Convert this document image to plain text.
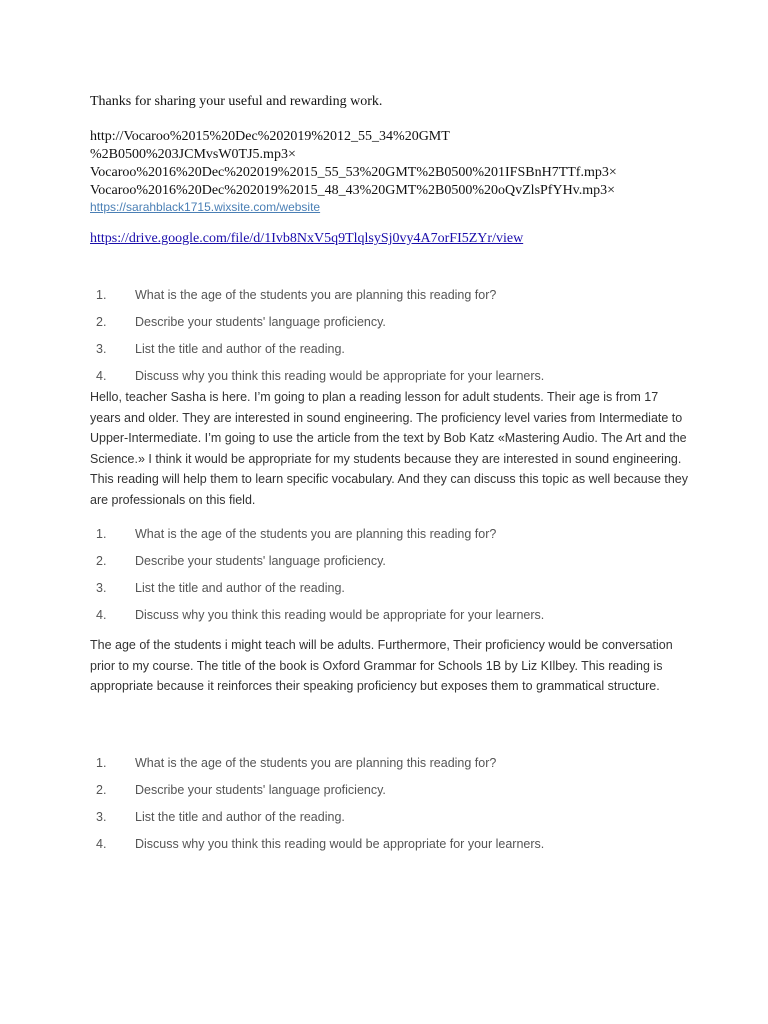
Thanks for sharing your useful and rewarding work.
http://Vocaroo%2015%20Dec%202019%2012_55_34%20GMT
%2B0500%203JCMvsW0TJ5.mp3×
Vocaroo%2016%20Dec%202019%2015_55_53%20GMT%2B0500%201IFSBnH7TTf.mp3×
Vocaroo%2016%20Dec%202019%2015_48_43%20GMT%2B0500%20oQvZlsPfYHv.mp3×
https://sarahblack1715.wixsite.com/website
https://drive.google.com/file/d/1Ivb8NxV5q9TlqlsySj0vy4A7orFI5ZYr/view
1.	What is the age of the students you are planning this reading for?
2.	Describe your students' language proficiency.
3.	List the title and author of the reading.
4.	Discuss why you think this reading would be appropriate for your learners.
Hello, teacher Sasha is here. I’m going to plan a reading lesson for adult students. Their age is from 17 years and older. They are interested in sound engineering. The proficiency level varies from Intermediate to Upper-Intermediate. I’m going to use the article from the text by Bob Katz «Mastering Audio. The Art and the Science.» I think it would be appropriate for my students because they are interested in sound engineering. This reading will help them to learn specific vocabulary. And they can discuss this topic as well because they are professionals on this field.
1.	What is the age of the students you are planning this reading for?
2.	Describe your students' language proficiency.
3.	List the title and author of the reading.
4.	Discuss why you think this reading would be appropriate for your learners.
The age of the students i might teach will be adults. Furthermore, Their proficiency would be conversation prior to my course. The title of the book is Oxford Grammar for Schools 1B by Liz KIlbey. This reading is appropriate because it reinforces their speaking proficiency but exposes them to grammatical structure.
1.	What is the age of the students you are planning this reading for?
2.	Describe your students' language proficiency.
3.	List the title and author of the reading.
4.	Discuss why you think this reading would be appropriate for your learners.
